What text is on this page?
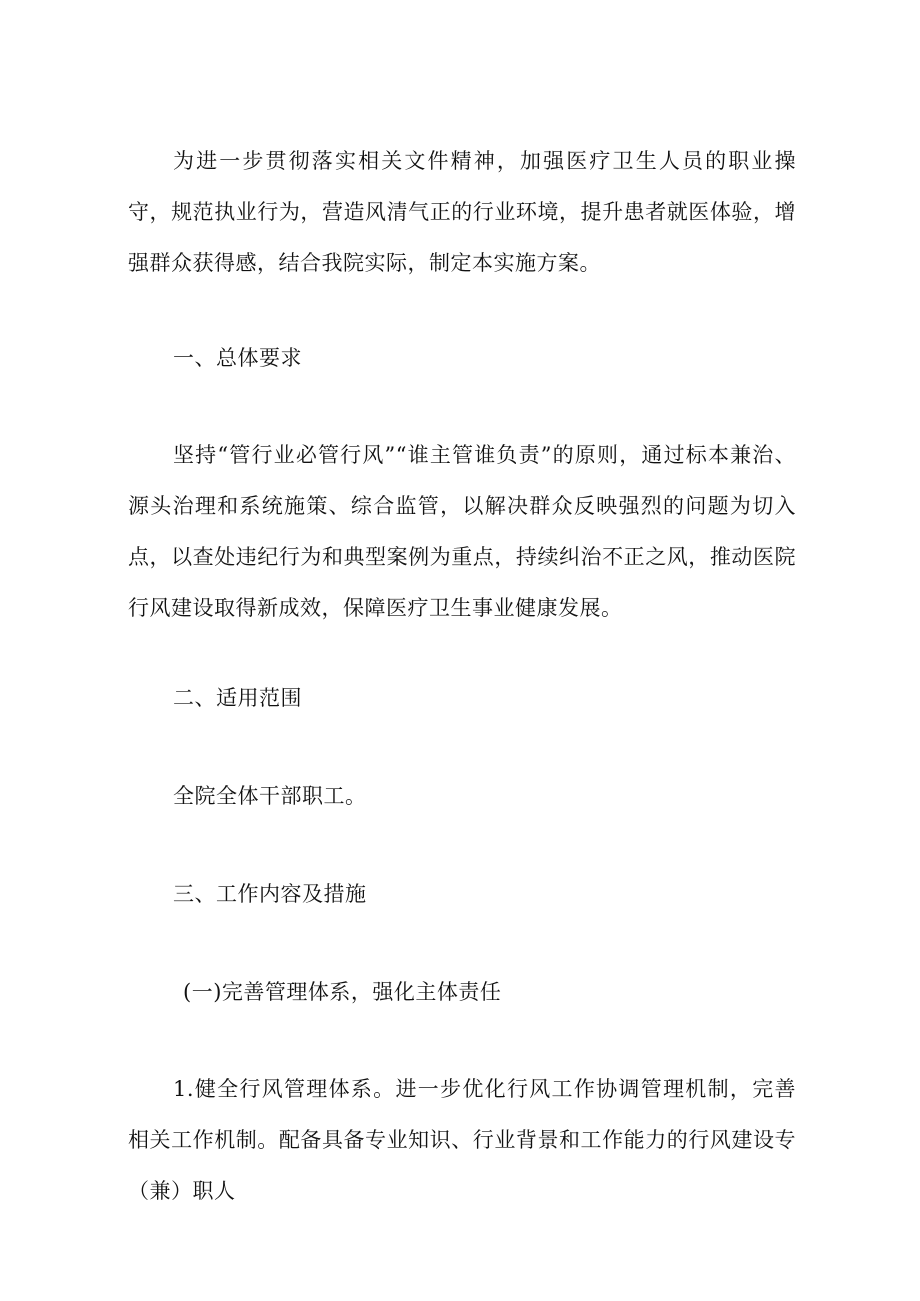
为进一步贯彻落实相关文件精神，加强医疗卫生人员的职业操守，规范执业行为，营造风清气正的行业环境，提升患者就医体验，增强群众获得感，结合我院实际，制定本实施方案。

一、总体要求

坚持“管行业必管行风”“谁主管谁负责”的原则，通过标本兼治、源头治理和系统施策、综合监管，以解决群众反映强烈的问题为切入点，以查处违纪行为和典型案例为重点，持续纠治不正之风，推动医院行风建设取得新成效，保障医疗卫生事业健康发展。

二、适用范围

全院全体干部职工。

三、工作内容及措施

(一)完善管理体系，强化主体责任

1.健全行风管理体系。进一步优化行风工作协调管理机制，完善相关工作机制。配备具备专业知识、行业背景和工作能力的行风建设专（兼）职人
